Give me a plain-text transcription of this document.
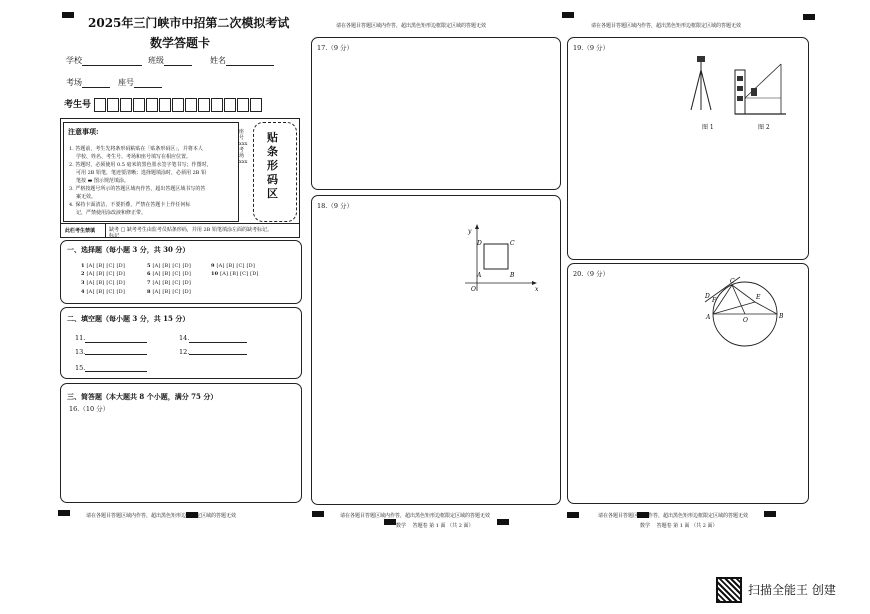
请在各题目答题区域内作答，超出黑色矩形边框限定区域的答题无效	请在各题目答题区域内作答，超出黑色矩形边框限定区域的答题无效
2025年三门峡市中招第二次模拟考试
数学答题卡
学校	班级	姓名
考场	座号
考生号
注意事项:
1. 答题前，考生先将条形码粘贴在「贴条形码区」，并将本人
学校、姓名、考生号、考场和座号填写在相应位置。
2. 答题时，必须使用 0.5 毫米的黑色墨水签字笔书写；作图时，
可用 2B 铅笔，笔迹要清晰；选择题填涂时，必须用 2B 铅
笔按 ▬ 图示规范填涂。
3. 严格按题号所示的答题区域内作答，超出答题区域书写的答
案无效。
4. 保持卡面清洁，不要折叠，严禁在答题卡上作任何标
记，严禁使用涂改液和修正带。
贴条形码区
座号xxx 考场xxx
此栏考生禁填	缺考 □ 缺考考生由监考员贴条形码，并用 2B 铅笔填涂左面的缺考标记。
标记
一、选择题（每小题 3 分，共 30 分）
1 [A] [B] [C] [D]
2 [A] [B] [C] [D]
3 [A] [B] [C] [D]
4 [A] [B] [C] [D]
5 [A] [B] [C] [D]
6 [A] [B] [C] [D]
7 [A] [B] [C] [D]
8 [A] [B] [C] [D]
9 [A] [B] [C] [D]
10 [A] [B] [C] [D]
二、填空题（每小题 3 分，共 15 分）
11.
12.
13.
14.
15.
三、简答题（本大题共 8 个小题，满分 75 分）
16.（10 分）
请在各题目答题区域内作答，超出黑色矩形边框限定区域的答题无效
17.（9 分）
18.（9 分）
y
x
O
D	C
A	B
请在各题目答题区域内作答，超出黑色矩形边框限定区域的答题无效
数学　 答题卷 第 1 面 （共 2 面）
19.（9 分）
图 1	图 2
20.（9 分）
A
C
D	E
F
O
B
请在各题目答题区域内作答，超出黑色矩形边框限定区域的答题无效
数学　 答题卷 第 1 面 （共 2 面）
扫描全能王 创建
